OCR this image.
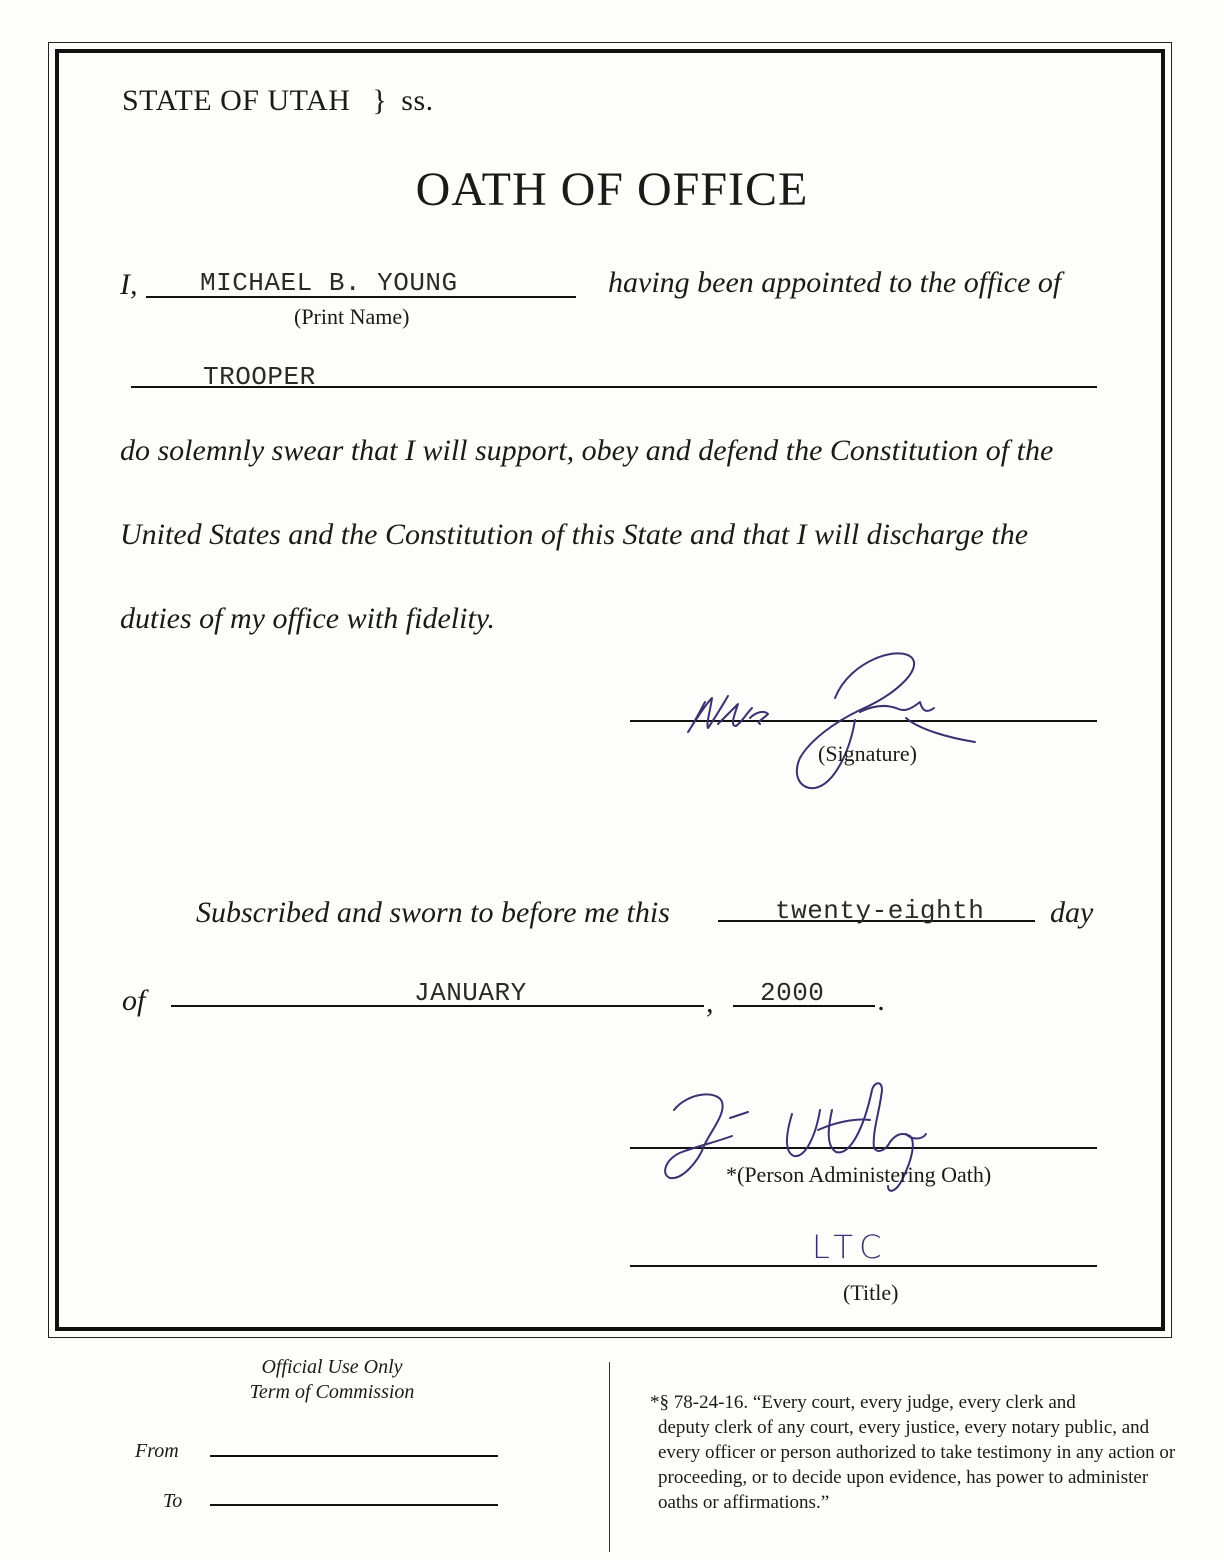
STATE OF UTAH } ss.
OATH OF OFFICE
I, MICHAEL B. YOUNG
(Print Name)
having been appointed to the office of
TROOPER
do solemnly swear that I will support, obey and defend the Constitution of the
United States and the Constitution of this State and that I will discharge the
duties of my office with fidelity.
(Signature)
Subscribed and sworn to before me this	twenty-eighth day
of	JANUARY	, 2000 .
*(Person Administering Oath)
LTC
(Title)
Official Use Only
Term of Commission
From
To
*§ 78-24-16. “Every court, every judge, every clerk and
deputy clerk of any court, every justice, every notary public, and every officer or person authorized to take testimony in any action or proceeding, or to decide upon evidence, has power to administer oaths or affirmations.”
